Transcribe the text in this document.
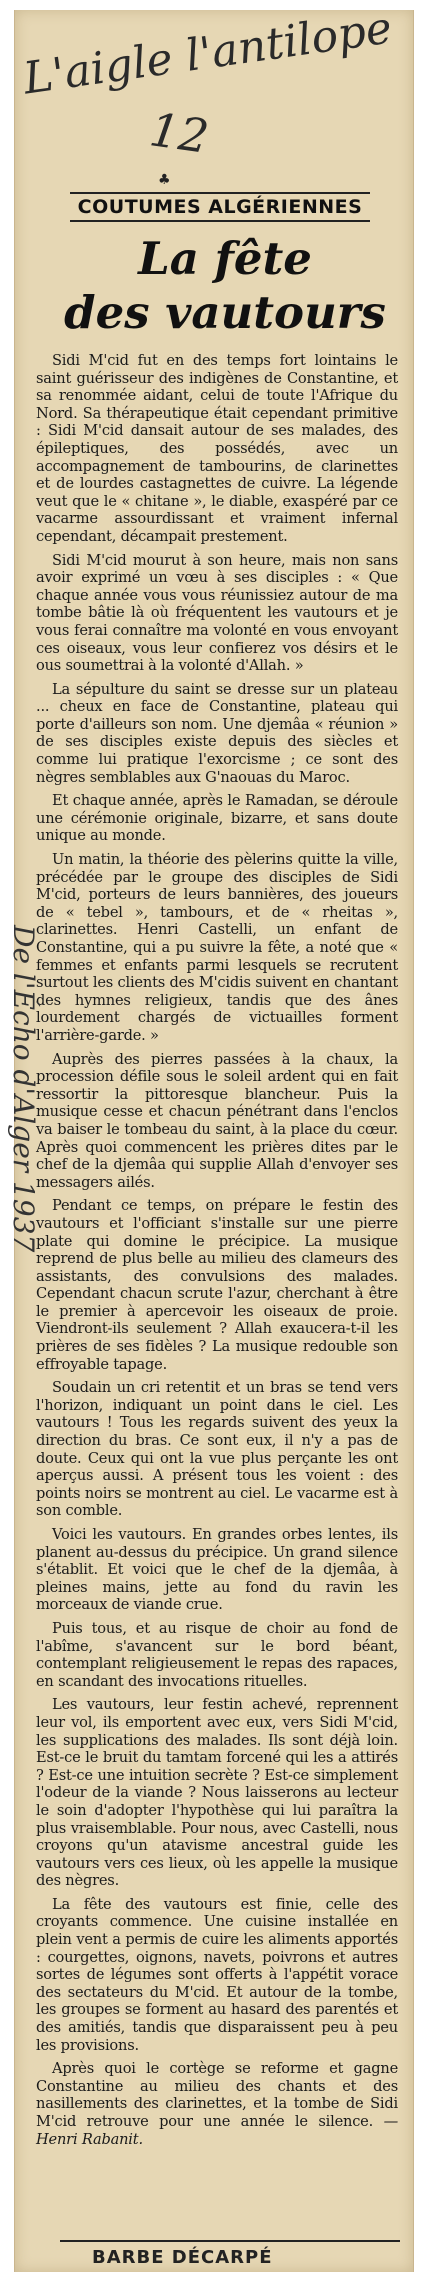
L'aigle l'antilope
12
♣
COUTUMES ALGÉRIENNES
La fête
des vautours

Sidi M'cid fut en des temps fort lointains le saint guérisseur des indigènes de Constantine, et sa renommée aidant, celui de toute l'Afrique du Nord. Sa thérapeutique était cependant primitive : Sidi M'cid dansait autour de ses malades, des épileptiques, des possédés, avec un accompagnement de tambourins, de clarinettes et de lourdes castagnettes de cuivre. La légende veut que le « chitane », le diable, exaspéré par ce vacarme assourdissant et vraiment infernal cependant, décampait prestement.

Sidi M'cid mourut à son heure, mais non sans avoir exprimé un vœu à ses disciples : « Que chaque année vous vous réunissiez autour de ma tombe bâtie là où fréquentent les vautours et je vous ferai connaître ma volonté en vous envoyant ces oiseaux, vous leur confierez vos désirs et le ous soumettrai à la volonté d'Allah. »

La sépulture du saint se dresse sur un plateau ... cheux en face de Constantine, plateau qui porte d'ailleurs son nom. Une djemâa « réunion » de ses disciples existe depuis des siècles et comme lui pratique l'exorcisme ; ce sont des nègres semblables aux G'naouas du Maroc.

Et chaque année, après le Ramadan, se déroule une cérémonie originale, bizarre, et sans doute unique au monde.

Un matin, la théorie des pèlerins quitte la ville, précédée par le groupe des disciples de Sidi M'cid, porteurs de leurs bannières, des joueurs de « tebel », tambours, et de « rheitas », clarinettes. Henri Castelli, un enfant de Constantine, qui a pu suivre la fête, a noté que « femmes et enfants parmi lesquels se recrutent surtout les clients des M'cidis suivent en chantant des hymnes religieux, tandis que des ânes lourdement chargés de victuailles forment l'arrière-garde. »

Auprès des pierres passées à la chaux, la procession défile sous le soleil ardent qui en fait ressortir la pittoresque blancheur. Puis la musique cesse et chacun pénétrant dans l'enclos va baiser le tombeau du saint, à la place du cœur. Après quoi commencent les prières dites par le chef de la djemâa qui supplie Allah d'envoyer ses messagers ailés.

Pendant ce temps, on prépare le festin des vautours et l'officiant s'installe sur une pierre plate qui domine le précipice. La musique reprend de plus belle au milieu des clameurs des assistants, des convulsions des malades. Cependant chacun scrute l'azur, cherchant à être le premier à apercevoir les oiseaux de proie. Viendront-ils seulement ? Allah exaucera-t-il les prières de ses fidèles ? La musique redouble son effroyable tapage.

Soudain un cri retentit et un bras se tend vers l'horizon, indiquant un point dans le ciel. Les vautours ! Tous les regards suivent des yeux la direction du bras. Ce sont eux, il n'y a pas de doute. Ceux qui ont la vue plus perçante les ont aperçus aussi. A présent tous les voient : des points noirs se montrent au ciel. Le vacarme est à son comble.

Voici les vautours. En grandes orbes lentes, ils planent au-dessus du précipice. Un grand silence s'établit. Et voici que le chef de la djemâa, à pleines mains, jette au fond du ravin les morceaux de viande crue.

Puis tous, et au risque de choir au fond de l'abîme, s'avancent sur le bord béant, contemplant religieusement le repas des rapaces, en scandant des invocations rituelles.

Les vautours, leur festin achevé, reprennent leur vol, ils emportent avec eux, vers Sidi M'cid, les supplications des malades. Ils sont déjà loin. Est-ce le bruit du tamtam forcené qui les a attirés ? Est-ce une intuition secrète ? Est-ce simplement l'odeur de la viande ? Nous laisserons au lecteur le soin d'adopter l'hypothèse qui lui paraîtra la plus vraisemblable. Pour nous, avec Castelli, nous croyons qu'un atavisme ancestral guide les vautours vers ces lieux, où les appelle la musique des nègres.

La fête des vautours est finie, celle des croyants commence. Une cuisine installée en plein vent a permis de cuire les aliments apportés : courgettes, oignons, navets, poivrons et autres sortes de légumes sont offerts à l'appétit vorace des sectateurs du M'cid. Et autour de la tombe, les groupes se forment au hasard des parentés et des amitiés, tandis que disparaissent peu à peu les provisions.

Après quoi le cortège se reforme et gagne Constantine au milieu des chants et des nasillements des clarinettes, et la tombe de Sidi M'cid retrouve pour une année le silence. — Henri Rabanit.

De l'Écho d'Alger 1937
BARBE DÉCARPÉ
